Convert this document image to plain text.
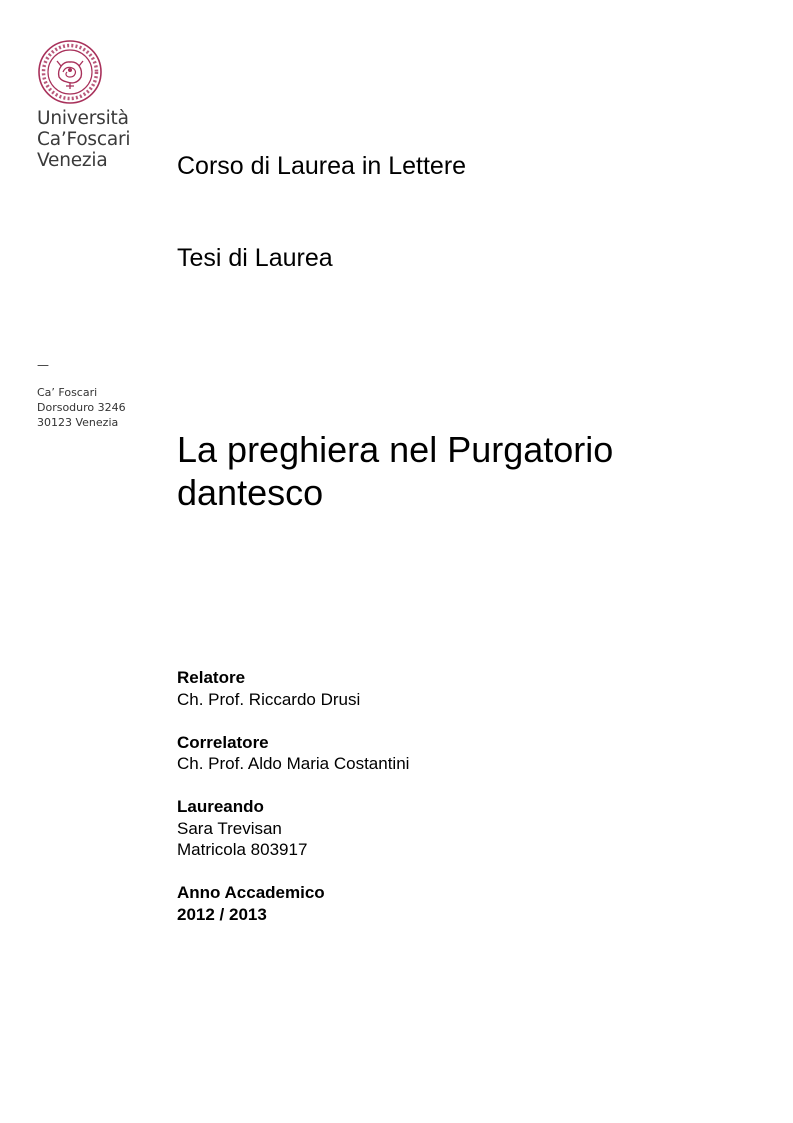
Università
Ca’Foscari
Venezia
—
Ca’ Foscari
Dorsoduro 3246
30123 Venezia
Corso di Laurea in Lettere
Tesi di Laurea
La preghiera nel Purgatorio
dantesco
Relatore
Ch. Prof. Riccardo Drusi
Correlatore
Ch. Prof. Aldo Maria Costantini
Laureando
Sara Trevisan
Matricola 803917
Anno Accademico
2012 / 2013
